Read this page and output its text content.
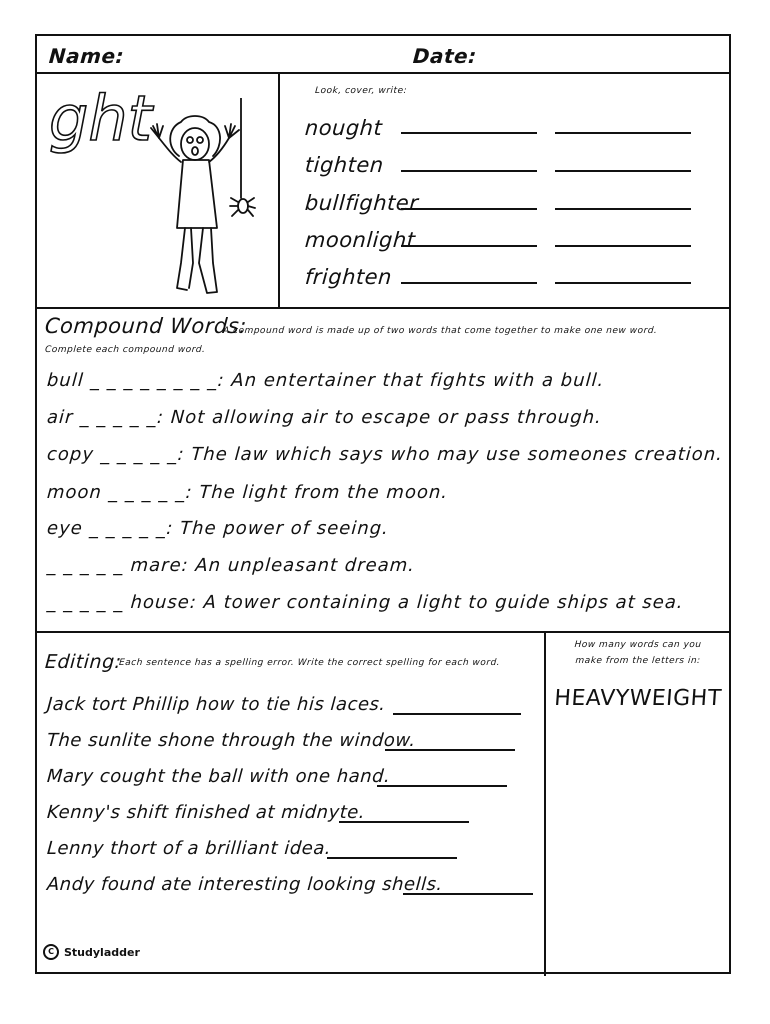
Name:	Date:
ght	Look, cover, write:
nought
tighten
bullfighter
moonlight
frighten
Compound Words:
A compound word is made up of two words that come together to make one new word.
Complete each compound word.
bull _ _ _ _ _ _ _ _: An entertainer that fights with a bull.
air _ _ _ _ _: Not allowing air to escape or pass through.
copy _ _ _ _ _: The law which says who may use someones creation.
moon _ _ _ _ _: The light from the moon.
eye _ _ _ _ _: The power of seeing.
_ _ _ _ _ mare: An unpleasant dream.
_ _ _ _ _ house: A tower containing a light to guide ships at sea.
Editing:
Each sentence has a spelling error. Write the correct spelling for each word.
Jack tort Phillip how to tie his laces.
The sunlite shone through the window.
Mary cought the ball with one hand.
Kenny's shift finished at midnyte.
Lenny thort of a brilliant idea.
Andy found ate interesting looking shells.
How many words can you
make from the letters in:
HEAVYWEIGHT
C Studyladder
